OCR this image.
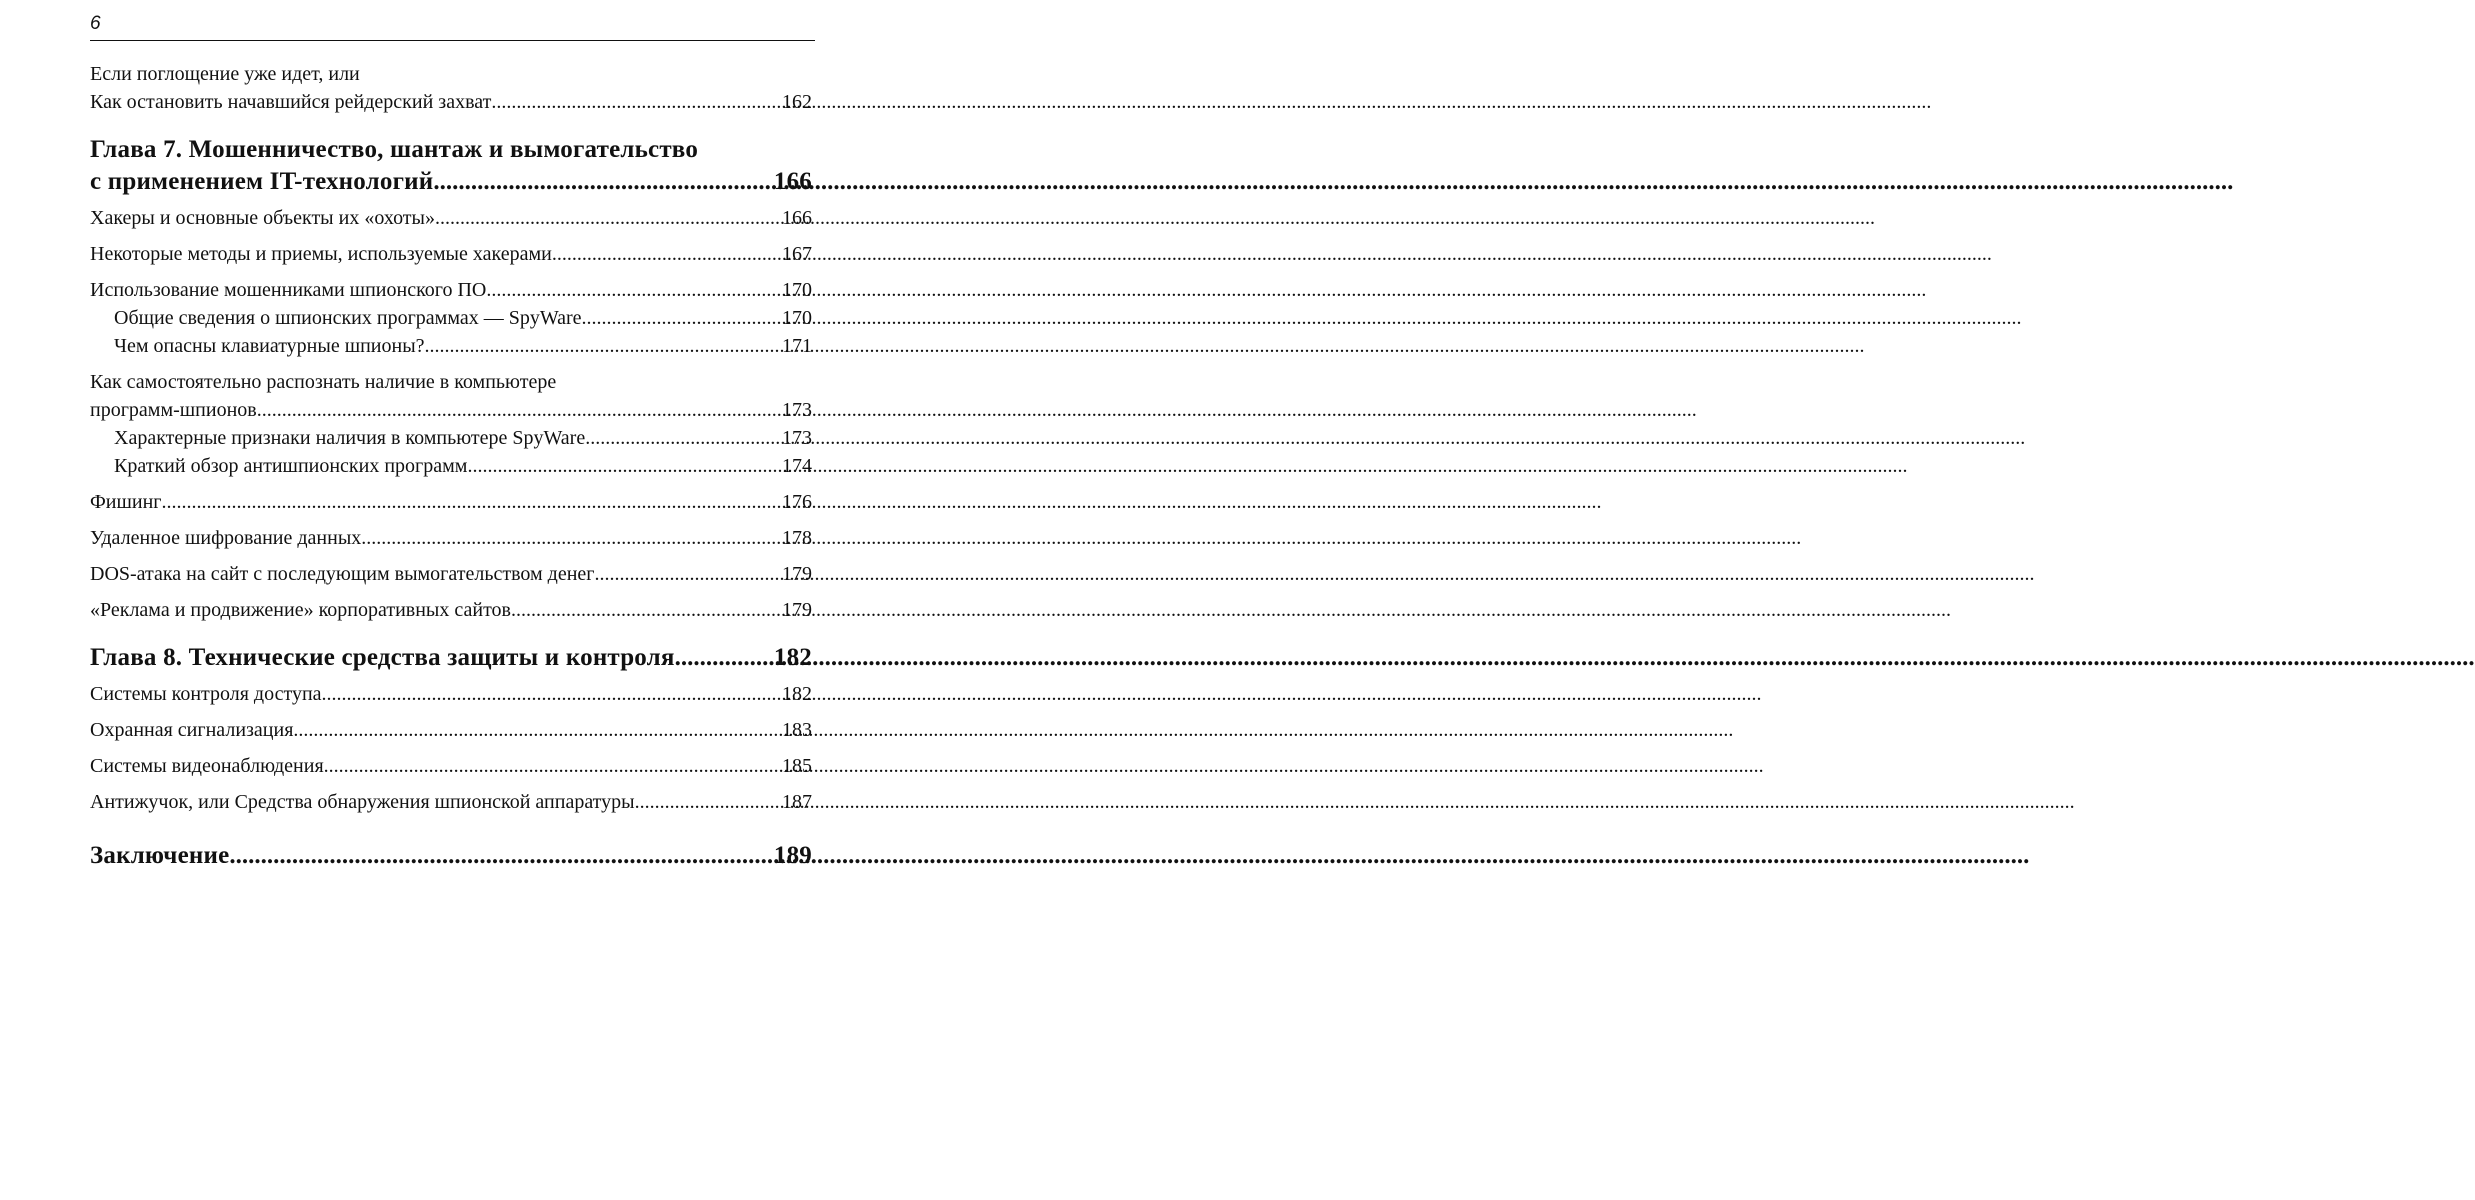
6
Если поглощение уже идет, или
Как остановить начавшийся рейдерский захват .....	162
Глава 7. Мошенничество, шантаж и вымогательство
с применением IT-технологий .....	166
Хакеры и основные объекты их «охоты» .....	166
Некоторые методы и приемы, используемые хакерами .....	167
Использование мошенниками шпионского ПО .....	170
Общие сведения о шпионских программах — SpyWare .....	170
Чем опасны клавиатурные шпионы? .....	171
Как самостоятельно распознать наличие в компьютере
программ-шпионов .....	173
Характерные признаки наличия в компьютере SpyWare .....	173
Краткий обзор антишпионских программ .....	174
Фишинг .....	176
Удаленное шифрование данных .....	178
DOS-атака на сайт с последующим вымогательством денег .....	179
«Реклама и продвижение» корпоративных сайтов .....	179
Глава 8. Технические средства защиты и контроля .....	182
Системы контроля доступа .....	182
Охранная сигнализация .....	183
Системы видеонаблюдения .....	185
Антижучок, или Средства обнаружения шпионской аппаратуры .....	187
Заключение .....	189
